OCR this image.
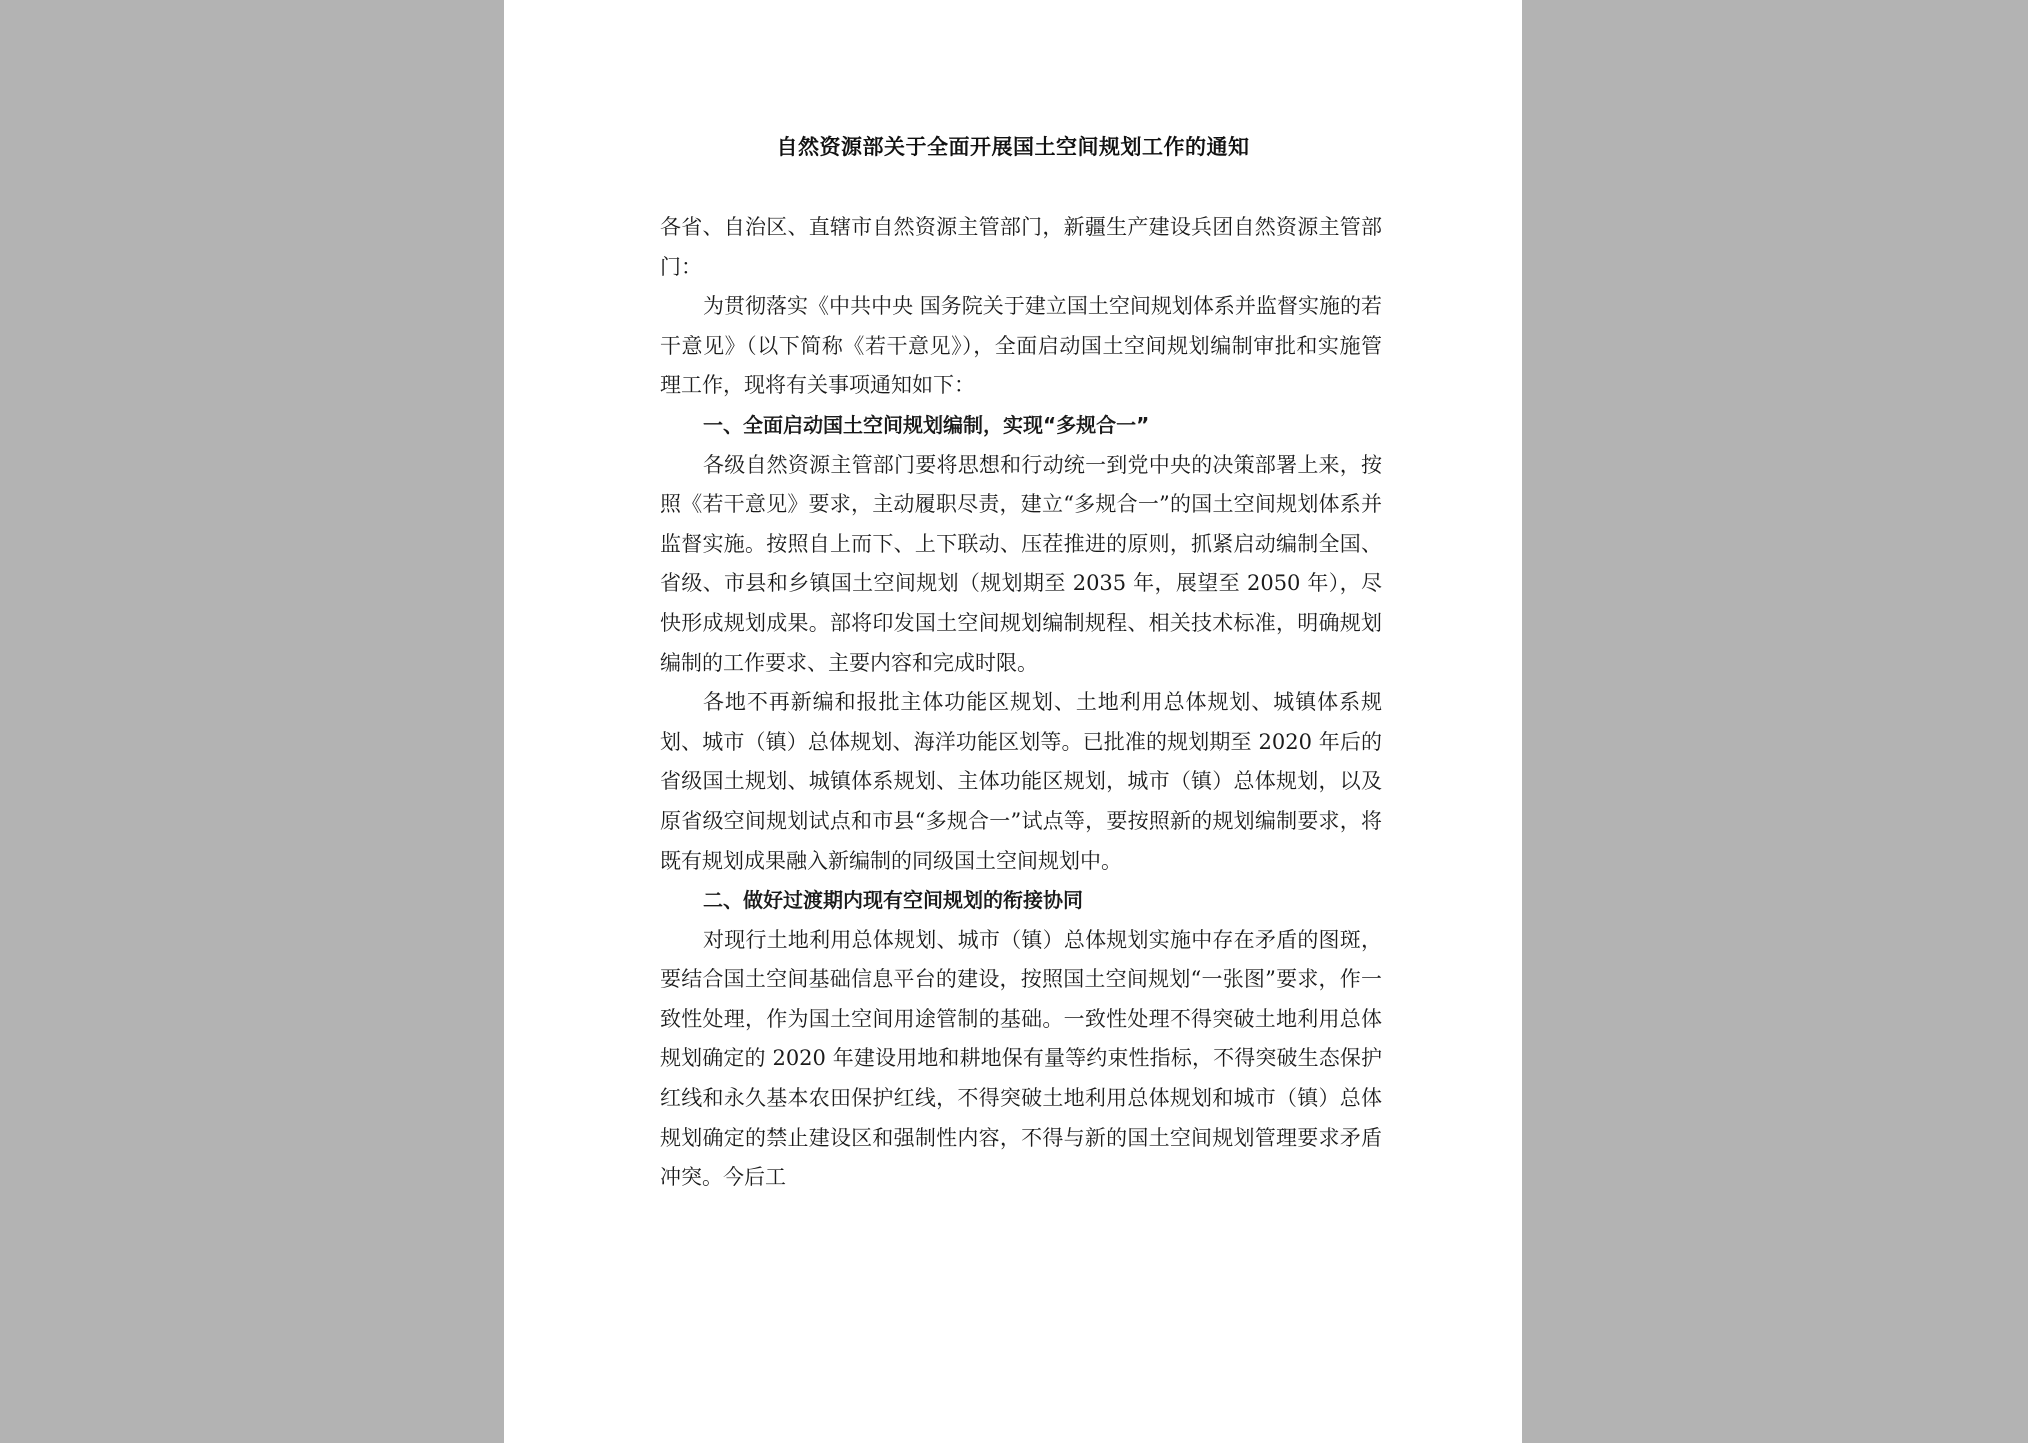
自然资源部关于全面开展国土空间规划工作的通知

各省、自治区、直辖市自然资源主管部门，新疆生产建设兵团自然资源主管部门：

为贯彻落实《中共中央 国务院关于建立国土空间规划体系并监督实施的若干意见》（以下简称《若干意见》），全面启动国土空间规划编制审批和实施管理工作，现将有关事项通知如下：

一、全面启动国土空间规划编制，实现“多规合一”

各级自然资源主管部门要将思想和行动统一到党中央的决策部署上来，按照《若干意见》要求，主动履职尽责，建立“多规合一”的国土空间规划体系并监督实施。按照自上而下、上下联动、压茬推进的原则，抓紧启动编制全国、省级、市县和乡镇国土空间规划（规划期至 2035 年，展望至 2050 年），尽快形成规划成果。部将印发国土空间规划编制规程、相关技术标准，明确规划编制的工作要求、主要内容和完成时限。

各地不再新编和报批主体功能区规划、土地利用总体规划、城镇体系规划、城市（镇）总体规划、海洋功能区划等。已批准的规划期至 2020 年后的省级国土规划、城镇体系规划、主体功能区规划，城市（镇）总体规划，以及原省级空间规划试点和市县“多规合一”试点等，要按照新的规划编制要求，将既有规划成果融入新编制的同级国土空间规划中。

二、做好过渡期内现有空间规划的衔接协同

对现行土地利用总体规划、城市（镇）总体规划实施中存在矛盾的图斑，要结合国土空间基础信息平台的建设，按照国土空间规划“一张图”要求，作一致性处理，作为国土空间用途管制的基础。一致性处理不得突破土地利用总体规划确定的 2020 年建设用地和耕地保有量等约束性指标，不得突破生态保护红线和永久基本农田保护红线，不得突破土地利用总体规划和城市（镇）总体规划确定的禁止建设区和强制性内容，不得与新的国土空间规划管理要求矛盾冲突。今后工
